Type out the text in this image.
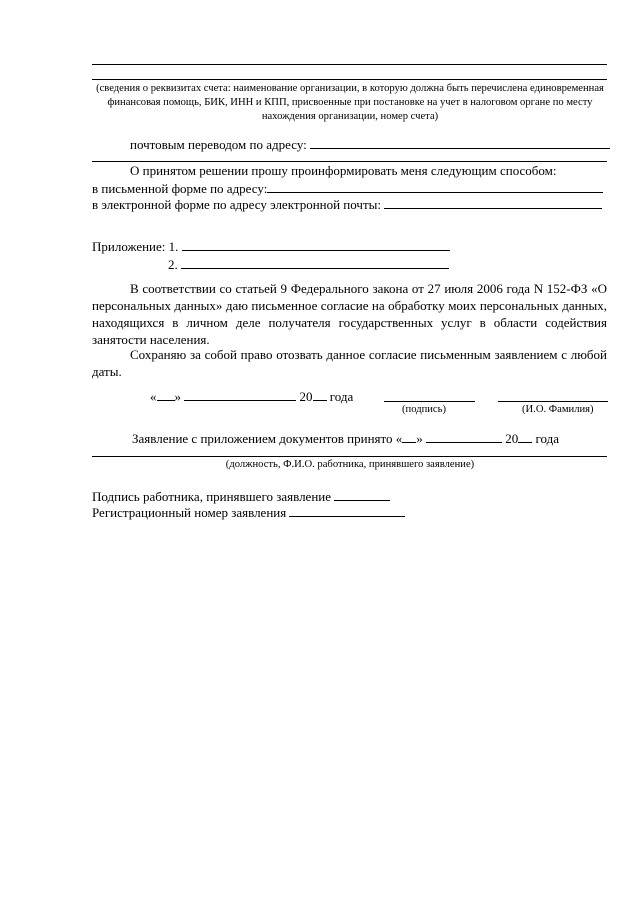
(сведения о реквизитах счета: наименование организации, в которую должна быть перечислена единовременная финансовая помощь, БИК, ИНН и КПП, присвоенные при постановке на учет в налоговом органе по месту нахождения организации, номер счета)
почтовым переводом по адресу:
О принятом решении прошу проинформировать меня следующим способом:
в письменной форме по адресу:
в электронной форме по адресу электронной почты:
Приложение: 1.
2.
В соответствии со статьей 9 Федерального закона от 27 июля 2006 года N 152-ФЗ «О персональных данных» даю письменное согласие на обработку моих персональных данных, находящихся в личном деле получателя государственных услуг в области содействия занятости населения.
Сохраняю за собой право отозвать данное согласие письменным заявлением с любой даты.
« »	20 года
(подпись)	(И.О. Фамилия)
Заявление с приложением документов принято « »	20 года
(должность, Ф.И.О. работника, принявшего заявление)
Подпись работника, принявшего заявление
Регистрационный номер заявления
